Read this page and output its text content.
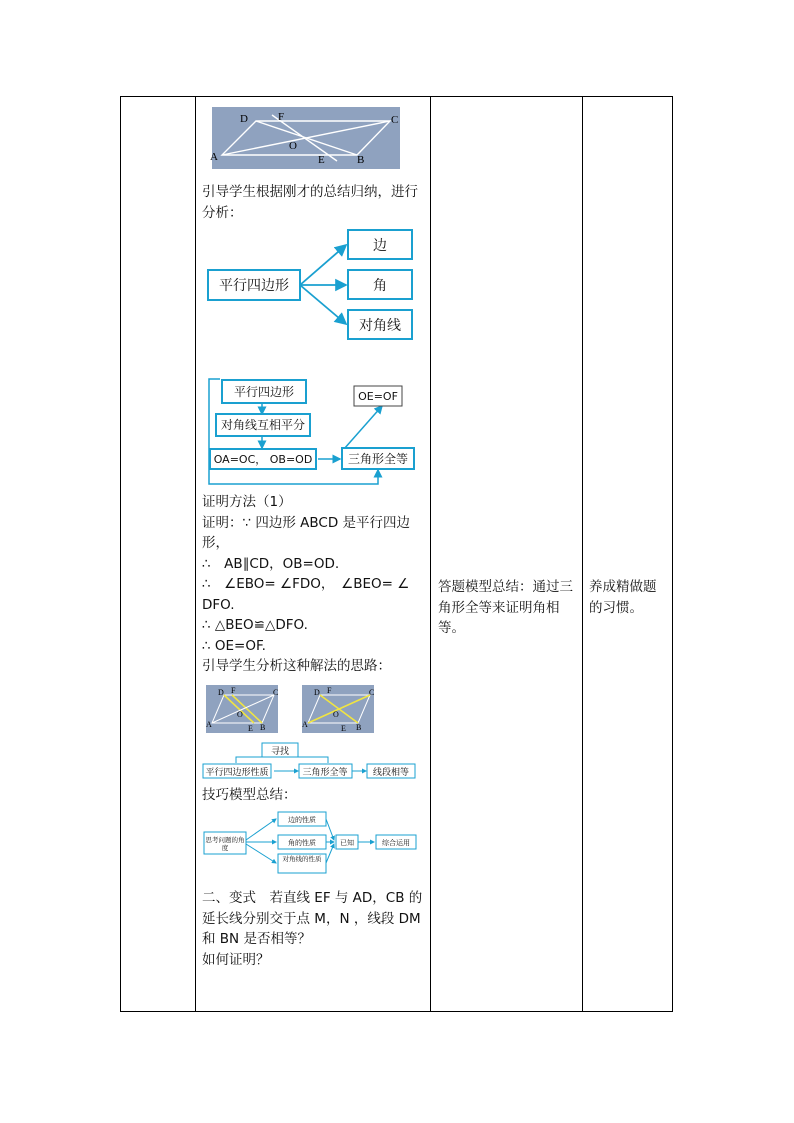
D	F	C
A
O
E	B

引导学生根据刚才的总结归纳，进行

分析：

平行四边形
边
角
对角线
平行四边形
对角线互相平分
OA=OC， OB=OD	三角形全等
OE=OF

证明方法（1）

证明：∵ 四边形 ABCD 是平行四边

形，

∴　AB∥CD，OB=OD.

∴　∠EBO= ∠FDO，　∠BEO= ∠

DFO.

∴ △BEO≌△DFO.

∴ OE=OF.

引导学生分析这种解法的思路：

D F	C
A
O
E B
D F	C
A
O
E B
寻找
平行四边形性质	三角形全等	线段相等

技巧模型总结：

思考问题的角度
边的性质
角的性质
对角线的性质
已知	综合运用

二、变式　若直线 EF 与 AD，CB 的

延长线分别交于点 M，N ，线段 DM

和 BN 是否相等？

如何证明？

答题模型总结：通过三

角形全等来证明角相

等。

养成精做题

的习惯。
